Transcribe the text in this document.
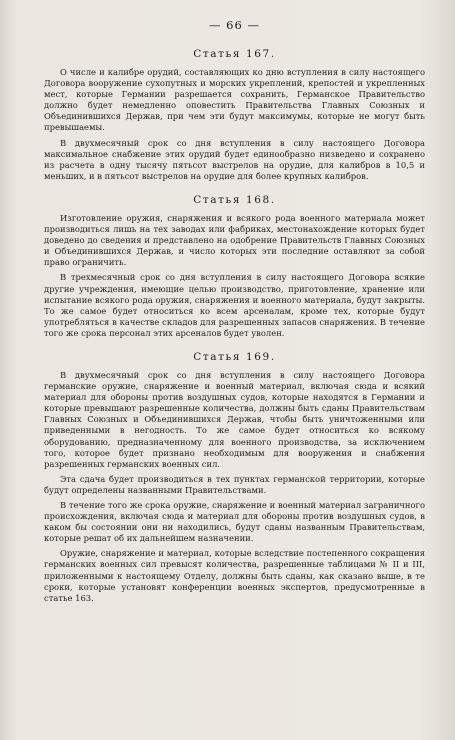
— 66 —
Статья 167.

О числе и калибре орудий, составляющих ко дню вступления в силу настоящего Договора вооружение сухопутных и морских укреплений, крепостей и укрепленных мест, которые Германии разрешается сохранить, Германское Правительство должно будет немедленно оповестить Правительства Главных Союзных и Объединившихся Держав, при чем эти будут максимумы, которые не могут быть превышаемы.

В двухмесячный срок со дня вступления в силу настоящего Договора максимальное снабжение этих орудий будет единообразно низведено и сохранено из расчета в одну тысячу пятьсот выстрелов на орудие, для калибров в 10,5 и меньших, и в пятьсот выстрелов на орудие для более крупных калибров.

Статья 168.

Изготовление оружия, снаряжения и всякого рода военного материала может производиться лишь на тех заводах или фабриках, местонахождение которых будет доведено до сведения и представлено на одобрение Правительств Главных Союзных и Объединившихся Держав, и число которых эти последние оставляют за собой право ограничить.

В трехмесячный срок со дня вступления в силу настоящего Договора всякие другие учреждения, имеющие целью производство, приготовление, хранение или испытание всякого рода оружия, снаряжения и военного материала, будут закрыты. То же самое будет относиться ко всем арсеналам, кроме тех, которые будут употребляться в качестве складов для разрешенных запасов снаряжения. В течение того же срока персонал этих арсеналов будет уволен.

Статья 169.

В двухмесячный срок со дня вступления в силу настоящего Договора германские оружие, снаряжение и военный материал, включая сюда и всякий материал для обороны против воздушных судов, которые находятся в Германии и которые превышают разрешенные количества, должны быть сданы Правительствам Главных Союзных и Объединившихся Держав, чтобы быть уничтоженными или приведенными в негодность. То же самое будет относиться ко всякому оборудованию, предназначенному для военного производства, за исключением того, которое будет признано необходимым для вооружения и снабжения разрешенных германских военных сил.

Эта сдача будет производиться в тех пунктах германской территории, которые будут определены названными Правительствами.

В течение того же срока оружие, снаряжение и военный материал заграничного происхождения, включая сюда и материал для обороны против воздушных судов, в каком бы состоянии они ни находились, будут сданы названным Правительствам, которые решат об их дальнейшем назначении.

Оружие, снаряжение и материал, которые вследствие постепенного сокращения германских военных сил превысят количества, разрешенные таблицами № II и III, приложенными к настоящему Отделу, должны быть сданы, как сказано выше, в те сроки, которые установят конференции военных экспертов, предусмотренные в статье 163.
